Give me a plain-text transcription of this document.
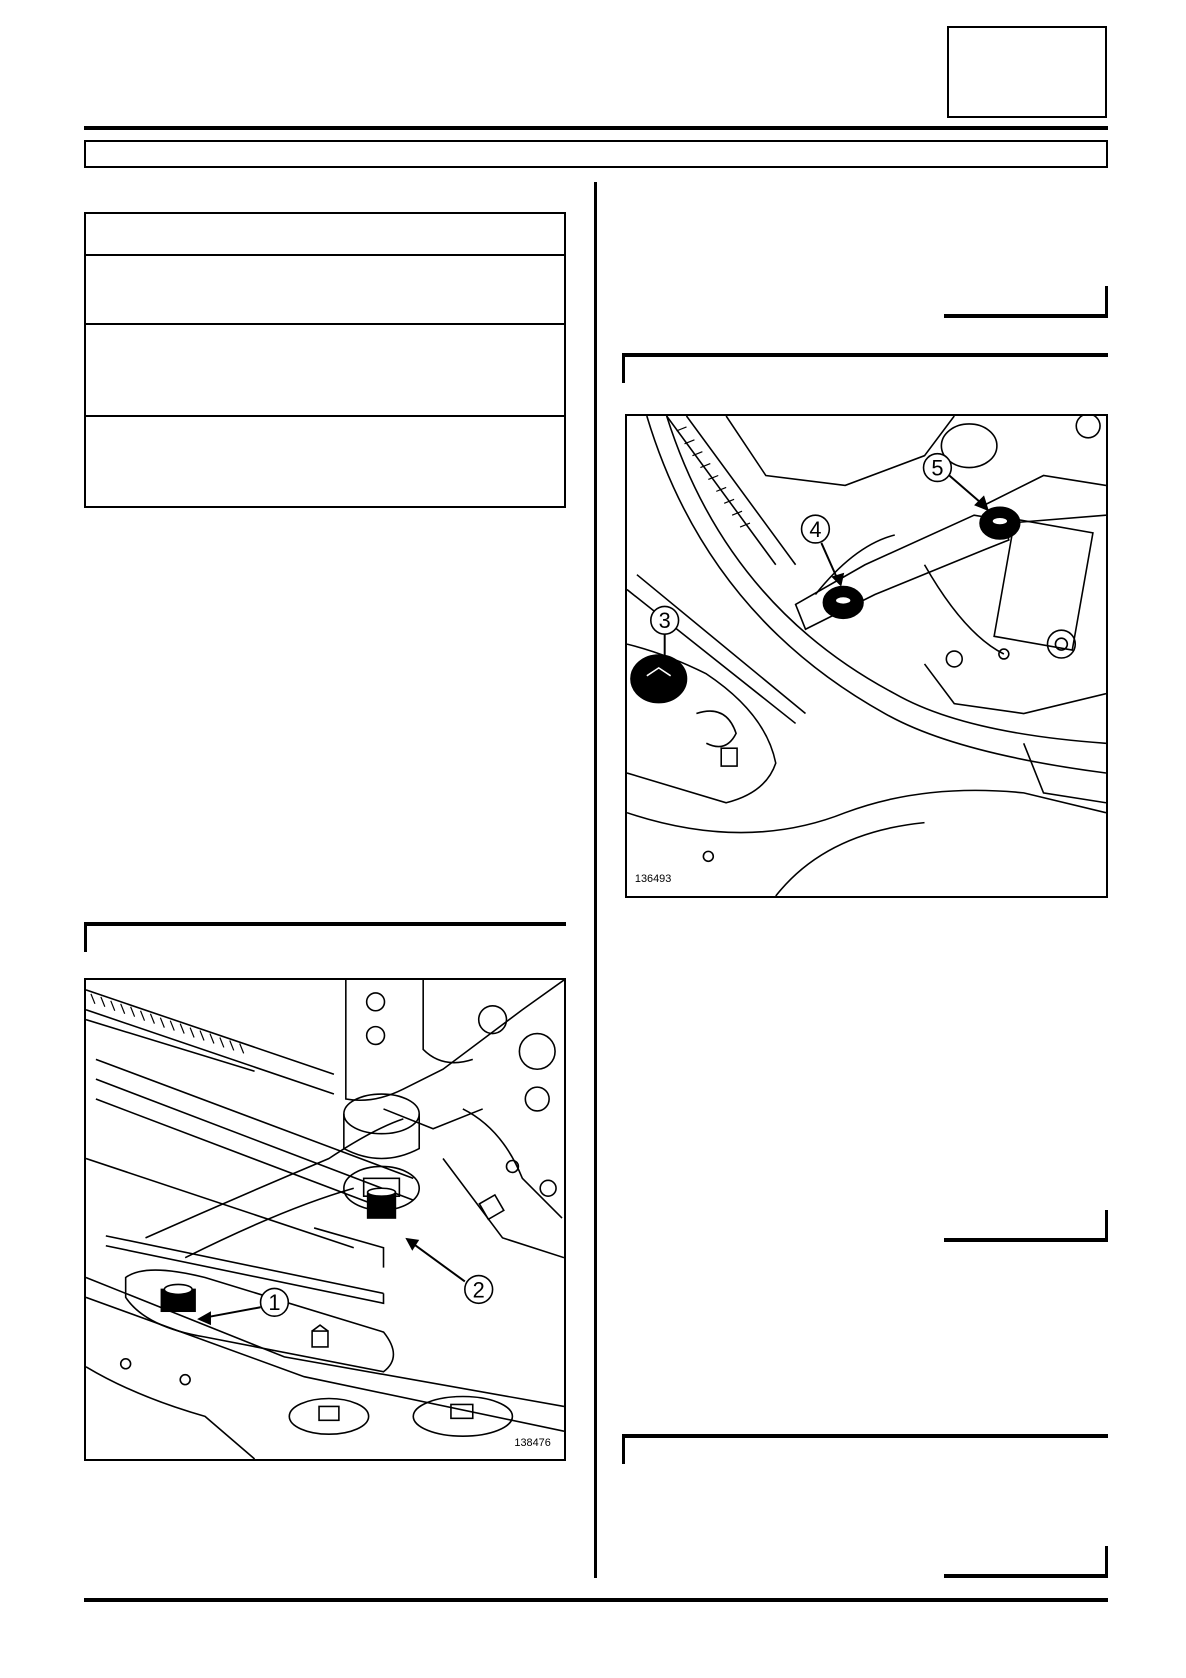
1
2
138476
3
4
5
136493
